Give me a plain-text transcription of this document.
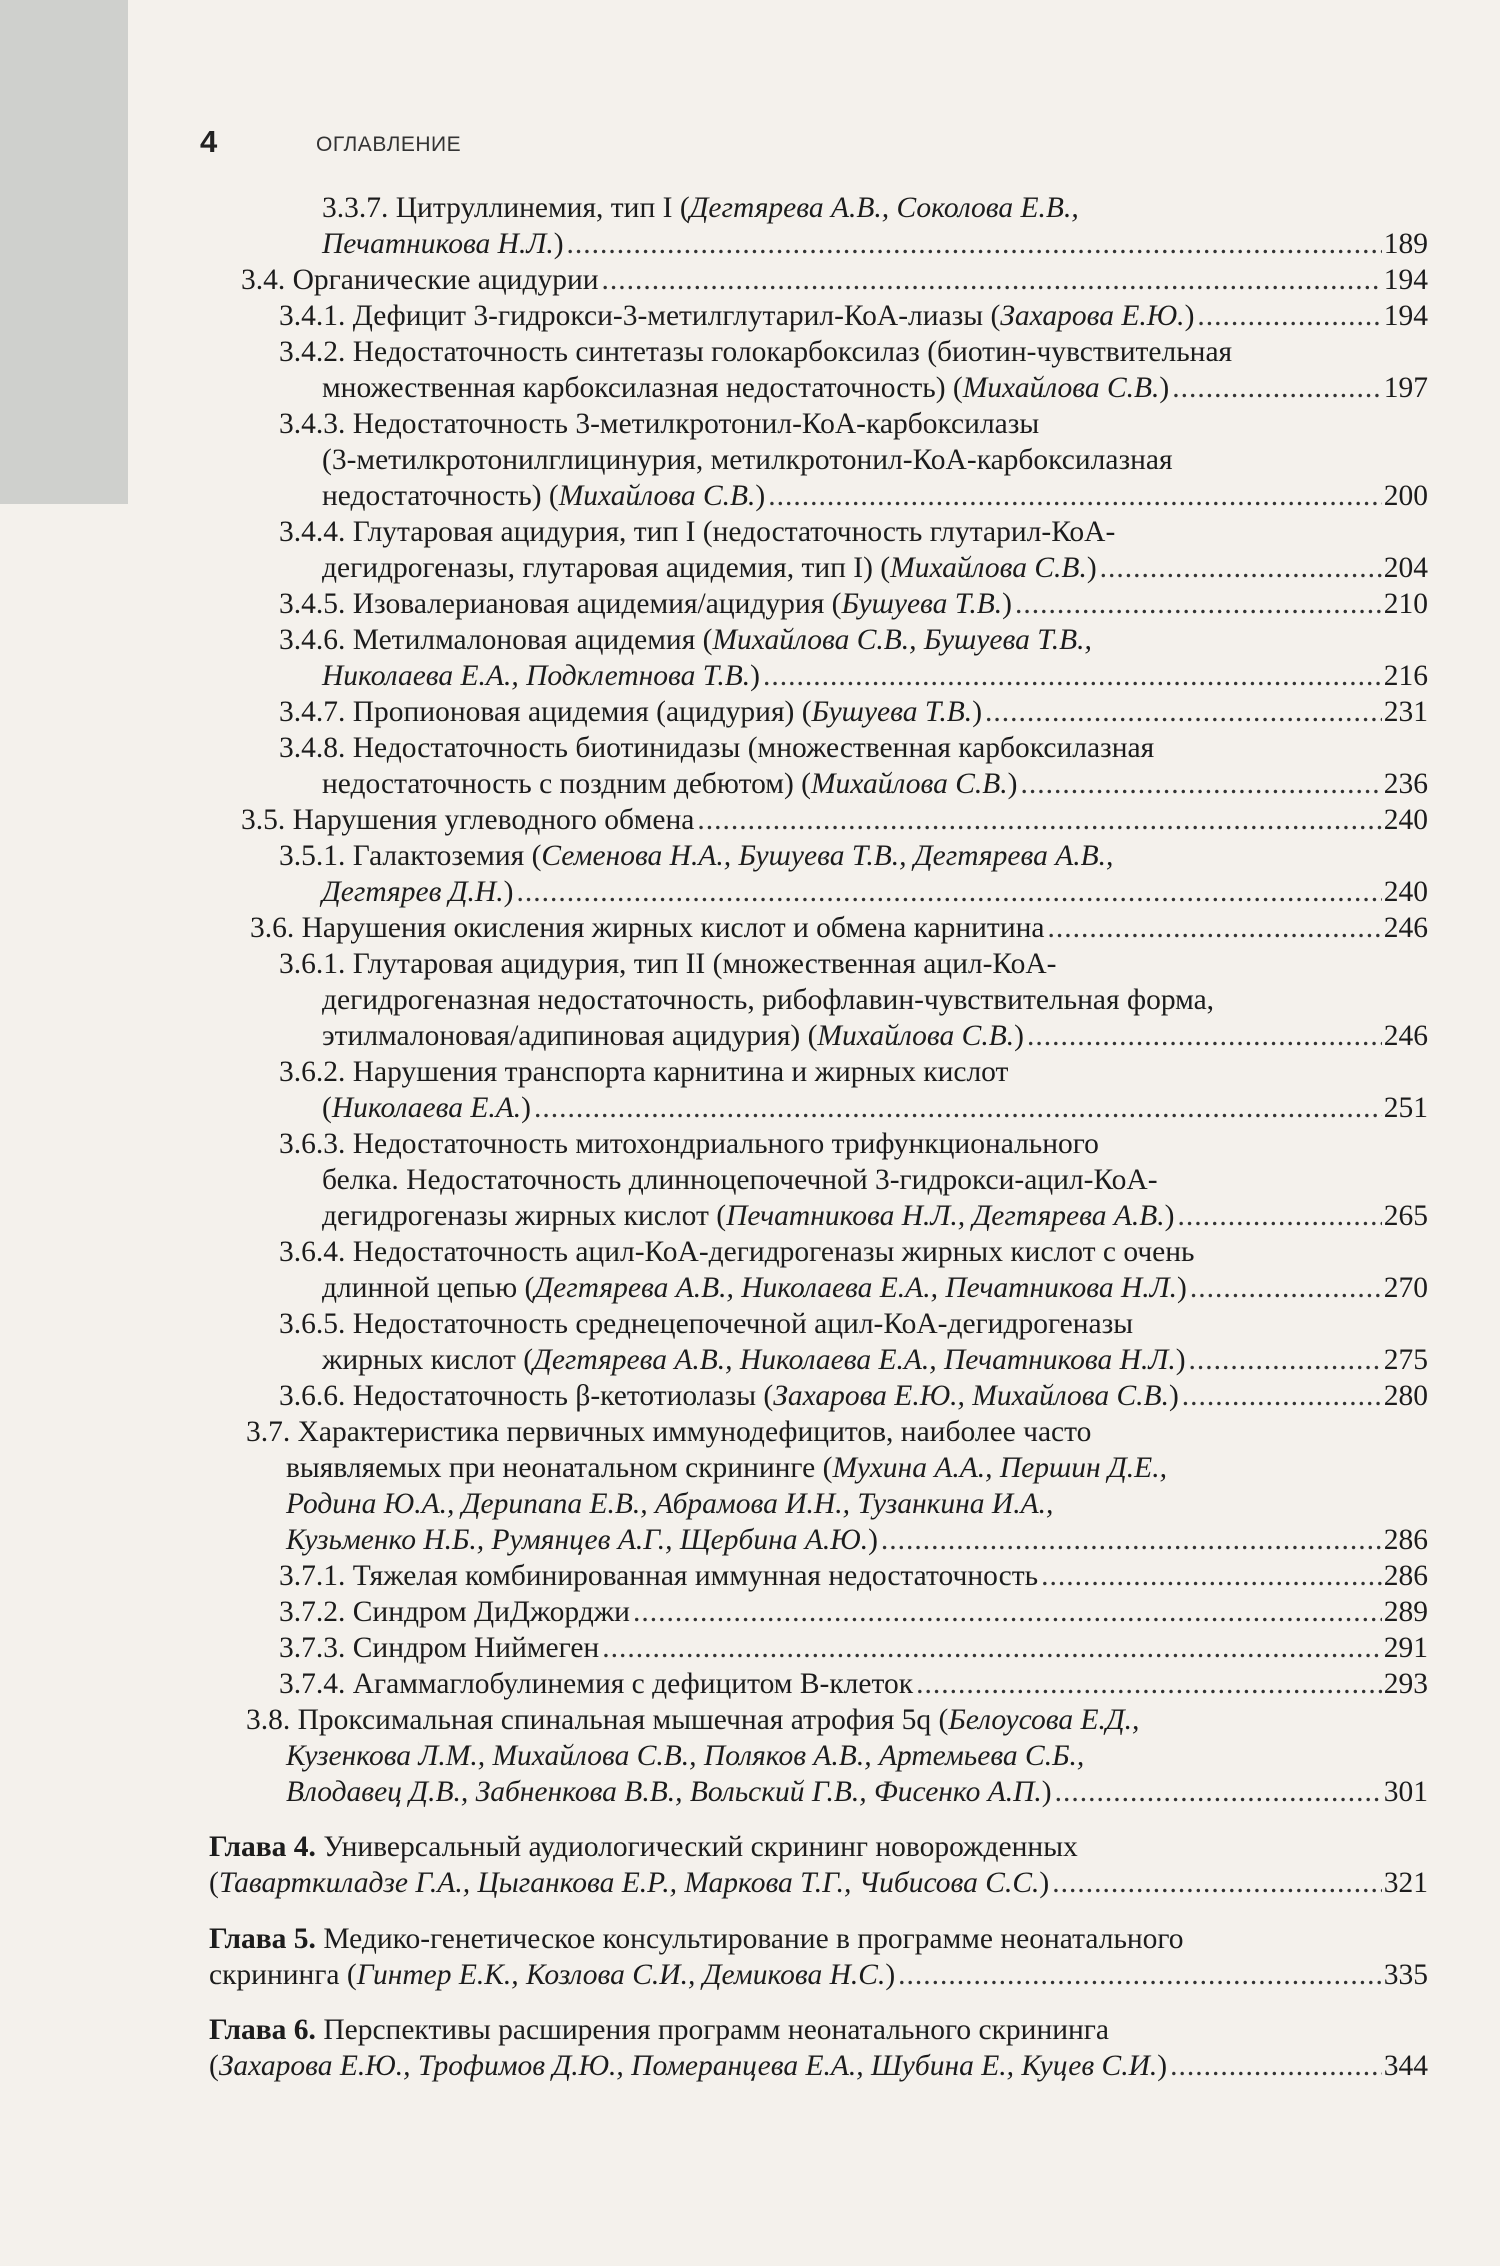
4	ОГЛАВЛЕНИЕ
3.3.7. Цитруллинемия, тип I (Дегтярева А.В., Соколова Е.В.,
Печатникова Н.Л.) .....	189
3.4. Органические ацидурии .....	194
3.4.1. Дефицит 3-гидрокси-3-метилглутарил-КоА-лиазы (Захарова Е.Ю.) .....	194
3.4.2. Недостаточность синтетазы голокарбоксилаз (биотин-чувствительная
множественная карбоксилазная недостаточность) (Михайлова С.В.) .....	197
3.4.3. Недостаточность 3-метилкротонил-КоА-карбоксилазы
(3-метилкротонилглицинурия, метилкротонил-КоА-карбоксилазная
недостаточность) (Михайлова С.В.) .....	200
3.4.4. Глутаровая ацидурия, тип I (недостаточность глутарил-КоА-
дегидрогеназы, глутаровая ацидемия, тип I) (Михайлова С.В.) .....	204
3.4.5. Изовалериановая ацидемия/ацидурия (Бушуева Т.В.) .....	210
3.4.6. Метилмалоновая ацидемия (Михайлова С.В., Бушуева Т.В.,
Николаева Е.А., Подклетнова Т.В.) .....	216
3.4.7. Пропионовая ацидемия (ацидурия) (Бушуева Т.В.) .....	231
3.4.8. Недостаточность биотинидазы (множественная карбоксилазная
недостаточность с поздним дебютом) (Михайлова С.В.) .....	236
3.5. Нарушения углеводного обмена .....	240
3.5.1. Галактоземия (Семенова Н.А., Бушуева Т.В., Дегтярева А.В.,
Дегтярев Д.Н.) .....	240
3.6. Нарушения окисления жирных кислот и обмена карнитина .....	246
3.6.1. Глутаровая ацидурия, тип II (множественная ацил-КоА-
дегидрогеназная недостаточность, рибофлавин-чувствительная форма,
этилмалоновая/адипиновая ацидурия) (Михайлова С.В.) .....	246
3.6.2. Нарушения транспорта карнитина и жирных кислот
(Николаева Е.А.) .....	251
3.6.3. Недостаточность митохондриального трифункционального
белка. Недостаточность длинноцепочечной 3-гидрокси-ацил-КоА-
дегидрогеназы жирных кислот (Печатникова Н.Л., Дегтярева А.В.) .....	265
3.6.4. Недостаточность ацил-КоА-дегидрогеназы жирных кислот с очень
длинной цепью (Дегтярева А.В., Николаева Е.А., Печатникова Н.Л.) .....	270
3.6.5. Недостаточность среднецепочечной ацил-КоА-дегидрогеназы
жирных кислот (Дегтярева А.В., Николаева Е.А., Печатникова Н.Л.) .....	275
3.6.6. Недостаточность β-кетотиолазы (Захарова Е.Ю., Михайлова С.В.) .....	280
3.7. Характеристика первичных иммунодефицитов, наиболее часто
выявляемых при неонатальном скрининге (Мухина А.А., Першин Д.Е.,
Родина Ю.А., Дерипапа Е.В., Абрамова И.Н., Тузанкина И.А.,
Кузьменко Н.Б., Румянцев А.Г., Щербина А.Ю.) .....	286
3.7.1. Тяжелая комбинированная иммунная недостаточность .....	286
3.7.2. Синдром ДиДжорджи .....	289
3.7.3. Синдром Ниймеген .....	291
3.7.4. Агаммаглобулинемия с дефицитом В-клеток .....	293
3.8. Проксимальная спинальная мышечная атрофия 5q (Белоусова Е.Д.,
Кузенкова Л.М., Михайлова С.В., Поляков А.В., Артемьева С.Б.,
Влодавец Д.В., Забненкова В.В., Вольский Г.В., Фисенко А.П.) .....	301
Глава 4. Универсальный аудиологический скрининг новорожденных
(Таварткиладзе Г.А., Цыганкова Е.Р., Маркова Т.Г., Чибисова С.С.) .....	321
Глава 5. Медико-генетическое консультирование в программе неонатального
скрининга (Гинтер Е.К., Козлова С.И., Демикова Н.С.) .....	335
Глава 6. Перспективы расширения программ неонатального скрининга
(Захарова Е.Ю., Трофимов Д.Ю., Померанцева Е.А., Шубина Е., Куцев С.И.) .....	344
